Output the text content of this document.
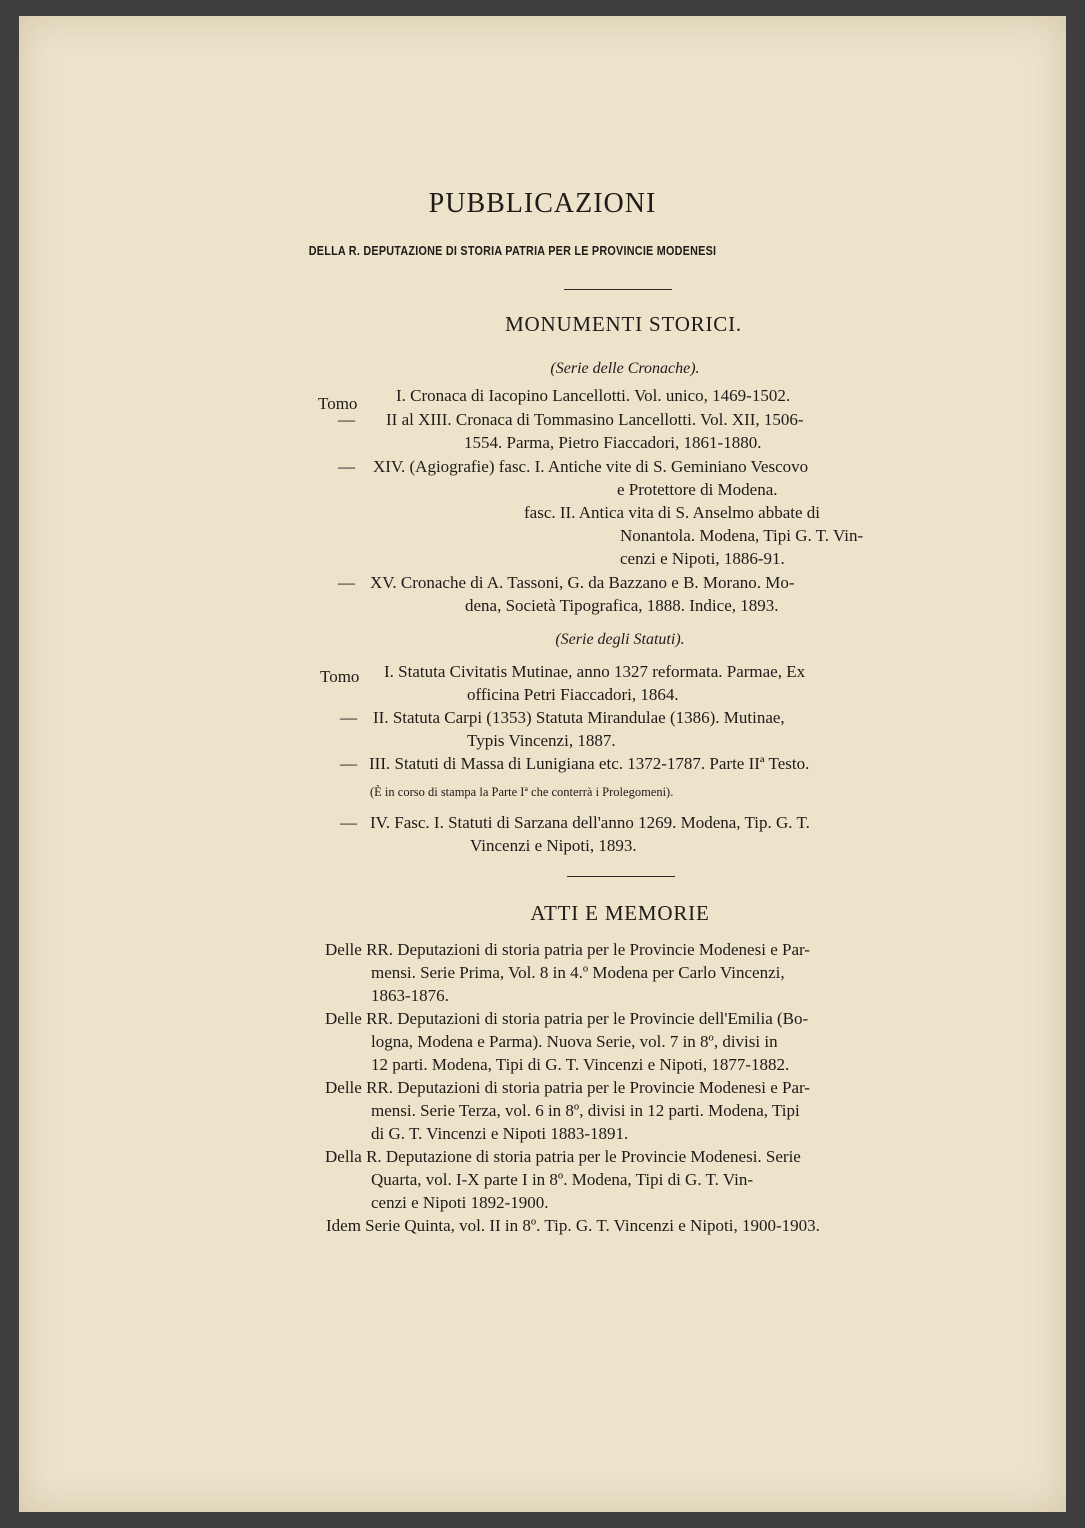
PUBBLICAZIONI
DELLA R. DEPUTAZIONE DI STORIA PATRIA PER LE PROVINCIE MODENESI
MONUMENTI STORICI.
(Serie delle Cronache).
Tomo I. Cronaca di Iacopino Lancellotti. Vol. unico, 1469-1502.
— II al XIII. Cronaca di Tommasino Lancellotti. Vol. XII, 1506-
1554. Parma, Pietro Fiaccadori, 1861-1880.
— XIV. (Agiografie) fasc. I. Antiche vite di S. Geminiano Vescovo
e Protettore di Modena.
fasc. II. Antica vita di S. Anselmo abbate di
Nonantola. Modena, Tipi G. T. Vin-
cenzi e Nipoti, 1886-91.
— XV. Cronache di A. Tassoni, G. da Bazzano e B. Morano. Mo-
dena, Società Tipografica, 1888. Indice, 1893.
(Serie degli Statuti).
Tomo I. Statuta Civitatis Mutinae, anno 1327 reformata. Parmae, Ex
officina Petri Fiaccadori, 1864.
— II. Statuta Carpi (1353) Statuta Mirandulae (1386). Mutinae,
Typis Vincenzi, 1887.
— III. Statuti di Massa di Lunigiana etc. 1372-1787. Parte IIª Testo.
(È in corso di stampa la Parte Iª che conterrà i Prolegomeni).
— IV. Fasc. I. Statuti di Sarzana dell'anno 1269. Modena, Tip. G. T.
Vincenzi e Nipoti, 1893.
ATTI E MEMORIE
Delle RR. Deputazioni di storia patria per le Provincie Modenesi e Par-
mensi. Serie Prima, Vol. 8 in 4.º Modena per Carlo Vincenzi,
1863-1876.
Delle RR. Deputazioni di storia patria per le Provincie dell'Emilia (Bo-
logna, Modena e Parma). Nuova Serie, vol. 7 in 8º, divisi in
12 parti. Modena, Tipi di G. T. Vincenzi e Nipoti, 1877-1882.
Delle RR. Deputazioni di storia patria per le Provincie Modenesi e Par-
mensi. Serie Terza, vol. 6 in 8º, divisi in 12 parti. Modena, Tipi
di G. T. Vincenzi e Nipoti 1883-1891.
Della R. Deputazione di storia patria per le Provincie Modenesi. Serie
Quarta, vol. I-X parte I in 8º. Modena, Tipi di G. T. Vin-
cenzi e Nipoti 1892-1900.
Idem Serie Quinta, vol. II in 8º. Tip. G. T. Vincenzi e Nipoti, 1900-1903.
